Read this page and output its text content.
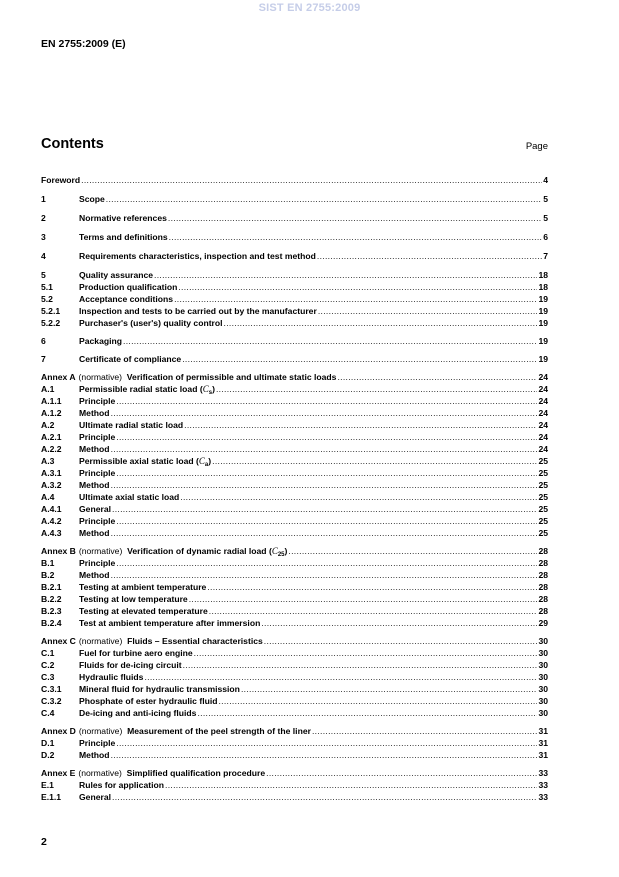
SIST EN 2755:2009
EN 2755:2009 (E)
Contents	Page
Foreword .....	4
1	Scope .....	5
2	Normative references .....	5
3	Terms and definitions .....	6
4	Requirements characteristics, inspection and test method .....	7
5	Quality assurance .....	18
5.1	Production qualification .....	18
5.2	Acceptance conditions .....	19
5.2.1	Inspection and tests to be carried out by the manufacturer .....	19
5.2.2	Purchaser's (user's) quality control .....	19
6	Packaging .....	19
7	Certificate of compliance .....	19
Annex A (normative) Verification of permissible and ultimate static loads .....	24
A.1	Permissible radial static load $(C_s)$ .....	24
A.1.1	Principle .....	24
A.1.2	Method .....	24
A.2	Ultimate radial static load .....	24
A.2.1	Principle .....	24
A.2.2	Method .....	24
A.3	Permissible axial static load $(C_a)$ .....	25
A.3.1	Principle .....	25
A.3.2	Method .....	25
A.4	Ultimate axial static load .....	25
A.4.1	General .....	25
A.4.2	Principle .....	25
A.4.3	Method .....	25
Annex B (normative) Verification of dynamic radial load $(C_{25})$ .....	28
B.1	Principle .....	28
B.2	Method .....	28
B.2.1	Testing at ambient temperature .....	28
B.2.2	Testing at low temperature .....	28
B.2.3	Testing at elevated temperature .....	28
B.2.4	Test at ambient temperature after immersion .....	29
Annex C (normative) Fluids – Essential characteristics .....	30
C.1	Fuel for turbine aero engine .....	30
C.2	Fluids for de-icing circuit .....	30
C.3	Hydraulic fluids .....	30
C.3.1	Mineral fluid for hydraulic transmission .....	30
C.3.2	Phosphate of ester hydraulic fluid .....	30
C.4	De-icing and anti-icing fluids .....	30
Annex D (normative) Measurement of the peel strength of the liner .....	31
D.1	Principle .....	31
D.2	Method .....	31
Annex E (normative) Simplified qualification procedure .....	33
E.1	Rules for application .....	33
E.1.1	General .....	33
2
